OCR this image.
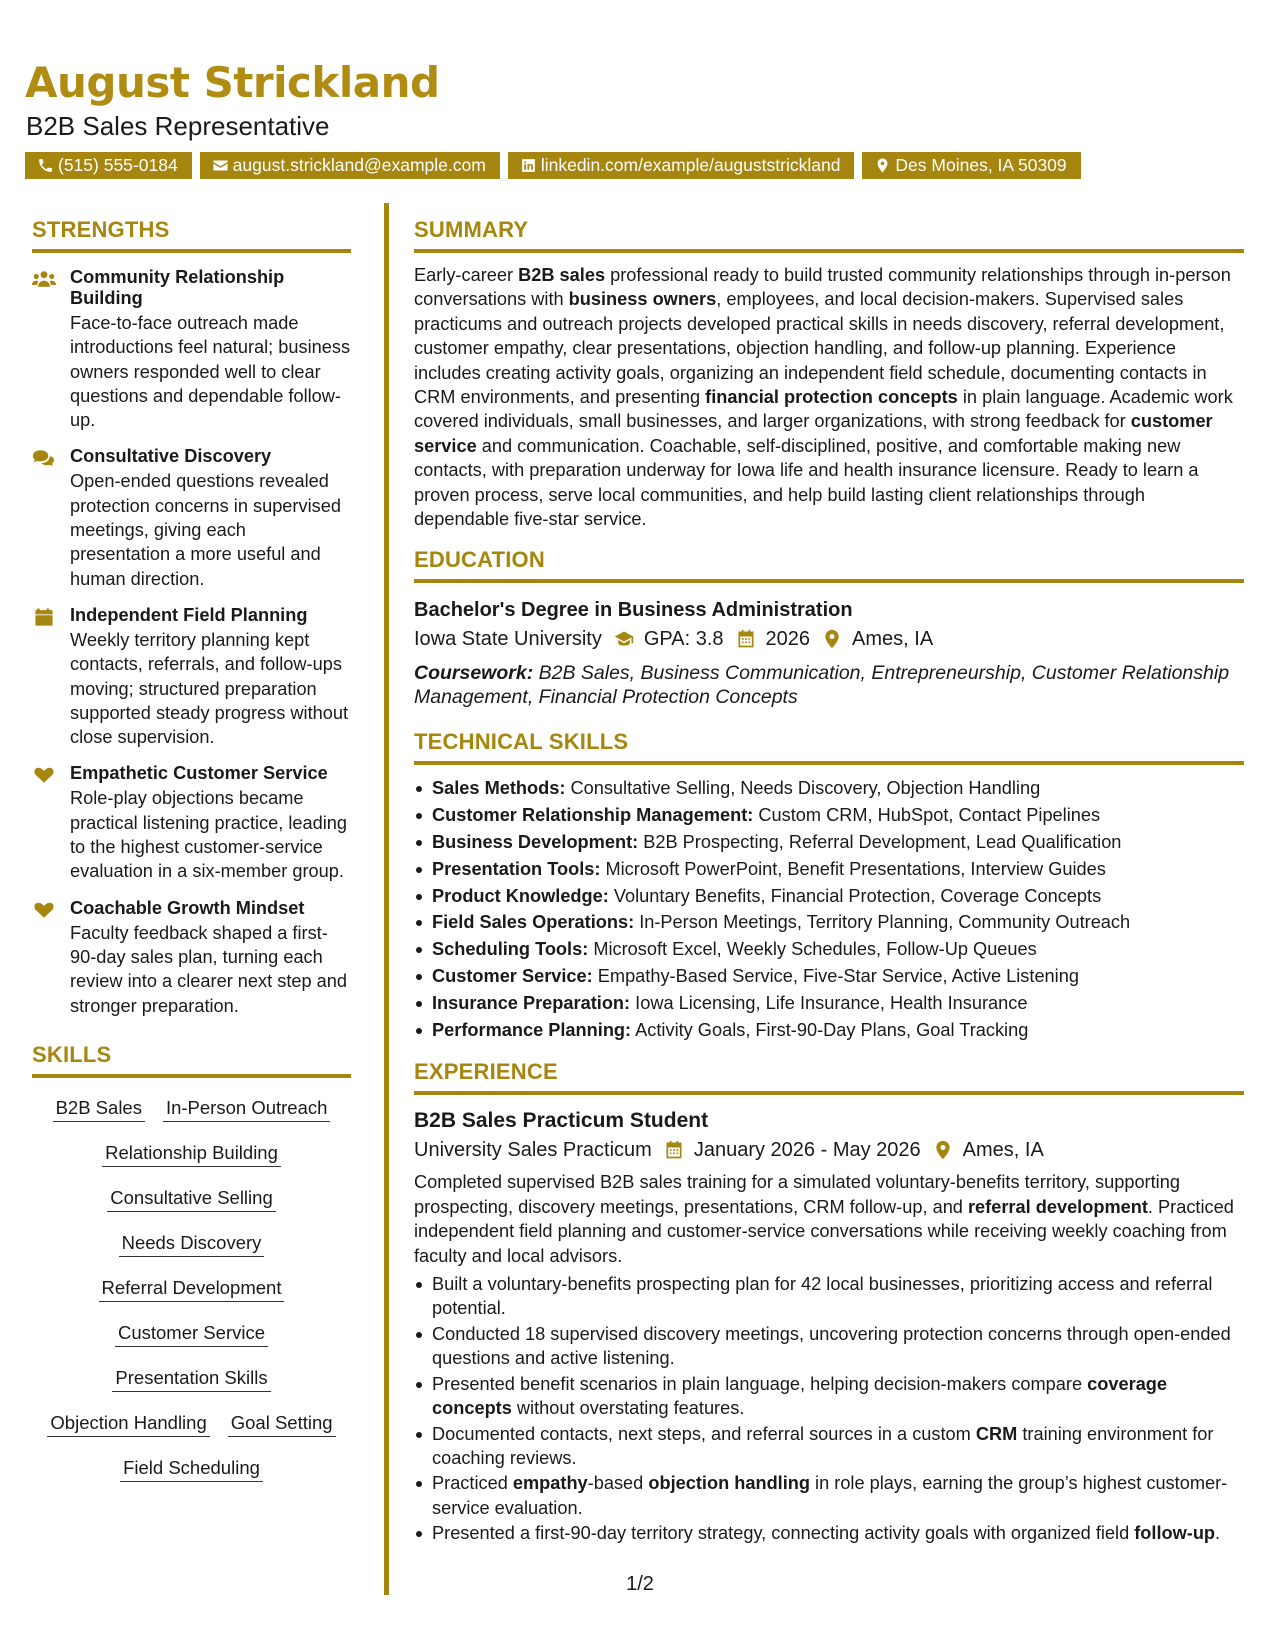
August Strickland
B2B Sales Representative
(515) 555-0184	august.strickland@example.com	linkedin.com/example/auguststrickland	Des Moines, IA 50309
STRENGTHS
Community Relationship Building
Face-to-face outreach made introductions feel natural; business owners responded well to clear questions and dependable follow-up.
Consultative Discovery
Open-ended questions revealed protection concerns in supervised meetings, giving each presentation a more useful and human direction.
Independent Field Planning
Weekly territory planning kept contacts, referrals, and follow-ups moving; structured preparation supported steady progress without close supervision.
Empathetic Customer Service
Role-play objections became practical listening practice, leading to the highest customer-service evaluation in a six-member group.
Coachable Growth Mindset
Faculty feedback shaped a first-90-day sales plan, turning each review into a clearer next step and stronger preparation.
SKILLS
B2B Sales In-Person Outreach
Relationship Building
Consultative Selling
Needs Discovery
Referral Development
Customer Service
Presentation Skills
Objection Handling Goal Setting
Field Scheduling
SUMMARY

Early-career B2B sales professional ready to build trusted community relationships through in-person conversations with business owners, employees, and local decision-makers. Supervised sales practicums and outreach projects developed practical skills in needs discovery, referral development, customer empathy, clear presentations, objection handling, and follow-up planning. Experience includes creating activity goals, organizing an independent field schedule, documenting contacts in CRM environments, and presenting financial protection concepts in plain language. Academic work covered individuals, small businesses, and larger organizations, with strong feedback for customer service and communication. Coachable, self-disciplined, positive, and comfortable making new contacts, with preparation underway for Iowa life and health insurance licensure. Ready to learn a proven process, serve local communities, and help build lasting client relationships through dependable five-star service.

EDUCATION
Bachelor's Degree in Business Administration
Iowa State University GPA: 3.8 2026 Ames, IA
Coursework: B2B Sales, Business Communication, Entrepreneurship, Customer Relationship Management, Financial Protection Concepts
TECHNICAL SKILLS
Sales Methods: Consultative Selling, Needs Discovery, Objection Handling
Customer Relationship Management: Custom CRM, HubSpot, Contact Pipelines
Business Development: B2B Prospecting, Referral Development, Lead Qualification
Presentation Tools: Microsoft PowerPoint, Benefit Presentations, Interview Guides
Product Knowledge: Voluntary Benefits, Financial Protection, Coverage Concepts
Field Sales Operations: In-Person Meetings, Territory Planning, Community Outreach
Scheduling Tools: Microsoft Excel, Weekly Schedules, Follow-Up Queues
Customer Service: Empathy-Based Service, Five-Star Service, Active Listening
Insurance Preparation: Iowa Licensing, Life Insurance, Health Insurance
Performance Planning: Activity Goals, First-90-Day Plans, Goal Tracking
EXPERIENCE
B2B Sales Practicum Student
University Sales Practicum January 2026 - May 2026 Ames, IA

Completed supervised B2B sales training for a simulated voluntary-benefits territory, supporting prospecting, discovery meetings, presentations, CRM follow-up, and referral development. Practiced independent field planning and customer-service conversations while receiving weekly coaching from faculty and local advisors.

Built a voluntary-benefits prospecting plan for 42 local businesses, prioritizing access and referral potential.
Conducted 18 supervised discovery meetings, uncovering protection concerns through open-ended questions and active listening.
Presented benefit scenarios in plain language, helping decision-makers compare coverage concepts without overstating features.
Documented contacts, next steps, and referral sources in a custom CRM training environment for coaching reviews.
Practiced empathy-based objection handling in role plays, earning the group’s highest customer-service evaluation.
Presented a first-90-day territory strategy, connecting activity goals with organized field follow-up.
1/2
